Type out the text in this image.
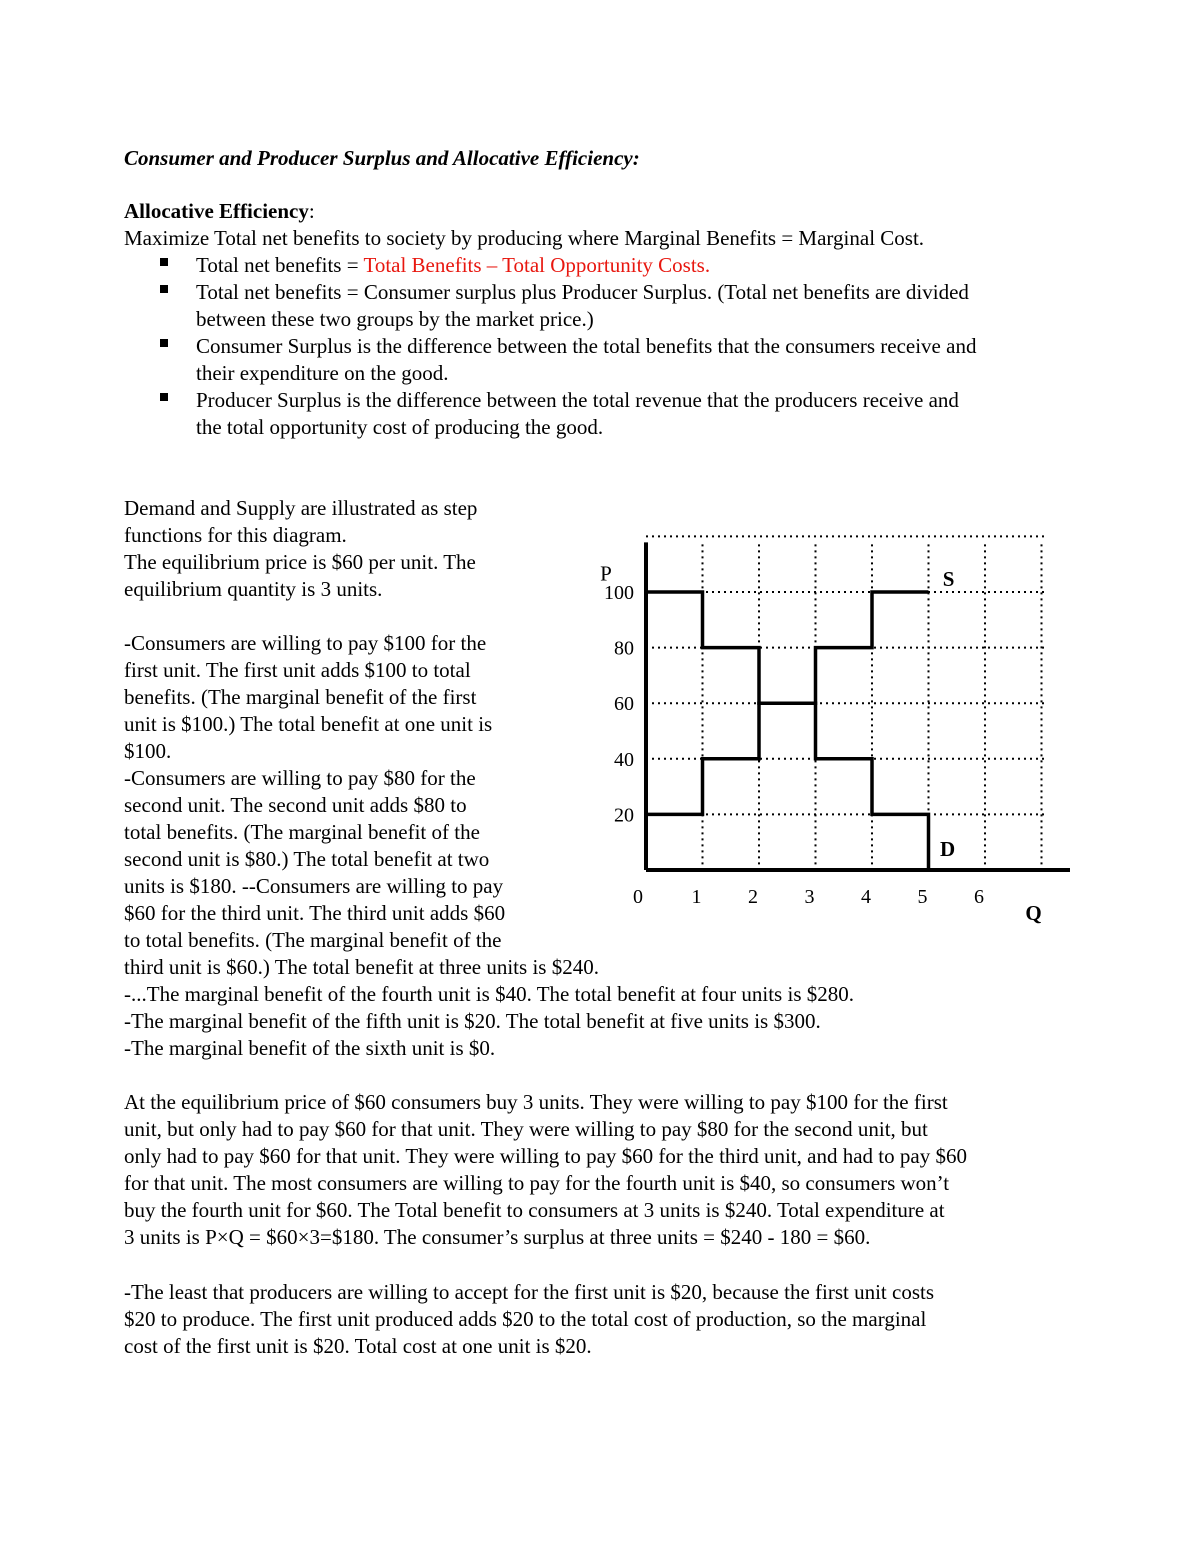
Consumer and Producer Surplus and Allocative Efficiency:
Allocative Efficiency:
Maximize Total net benefits to society by producing where Marginal Benefits = Marginal Cost.
Total net benefits = Total Benefits – Total Opportunity Costs.
Total net benefits = Consumer surplus plus Producer Surplus. (Total net benefits are divided
between these two groups by the market price.)
Consumer Surplus is the difference between the total benefits that the consumers receive and
their expenditure on the good.
Producer Surplus is the difference between the total revenue that the producers receive and
the total opportunity cost of producing the good.
Demand and Supply are illustrated as step
functions for this diagram.
The equilibrium price is $60 per unit. The
equilibrium quantity is 3 units.
-Consumers are willing to pay $100 for the
first unit. The first unit adds $100 to total
benefits. (The marginal benefit of the first
unit is $100.) The total benefit at one unit is
$100.
-Consumers are willing to pay $80 for the
second unit. The second unit adds $80 to
total benefits. (The marginal benefit of the
second unit is $80.) The total benefit at two
units is $180. --Consumers are willing to pay
$60 for the third unit. The third unit adds $60
to total benefits. (The marginal benefit of the
third unit is $60.) The total benefit at three units is $240.
-...The marginal benefit of the fourth unit is $40. The total benefit at four units is $280.
-The marginal benefit of the fifth unit is $20. The total benefit at five units is $300.
-The marginal benefit of the sixth unit is $0.
At the equilibrium price of $60 consumers buy 3 units. They were willing to pay $100 for the first
unit, but only had to pay $60 for that unit. They were willing to pay $80 for the second unit, but
only had to pay $60 for that unit. They were willing to pay $60 for the third unit, and had to pay $60
for that unit. The most consumers are willing to pay for the fourth unit is $40, so consumers won’t
buy the fourth unit for $60. The Total benefit to consumers at 3 units is $240. Total expenditure at
3 units is P×Q = $60×3=$180. The consumer’s surplus at three units = $240 - 180 = $60.
-The least that producers are willing to accept for the first unit is $20, because the first unit costs
$20 to produce. The first unit produced adds $20 to the total cost of production, so the marginal
cost of the first unit is $20. Total cost at one unit is $20.
100
80
60
40
20
0 1 2 3 4 5 6
P
Q
S
D
